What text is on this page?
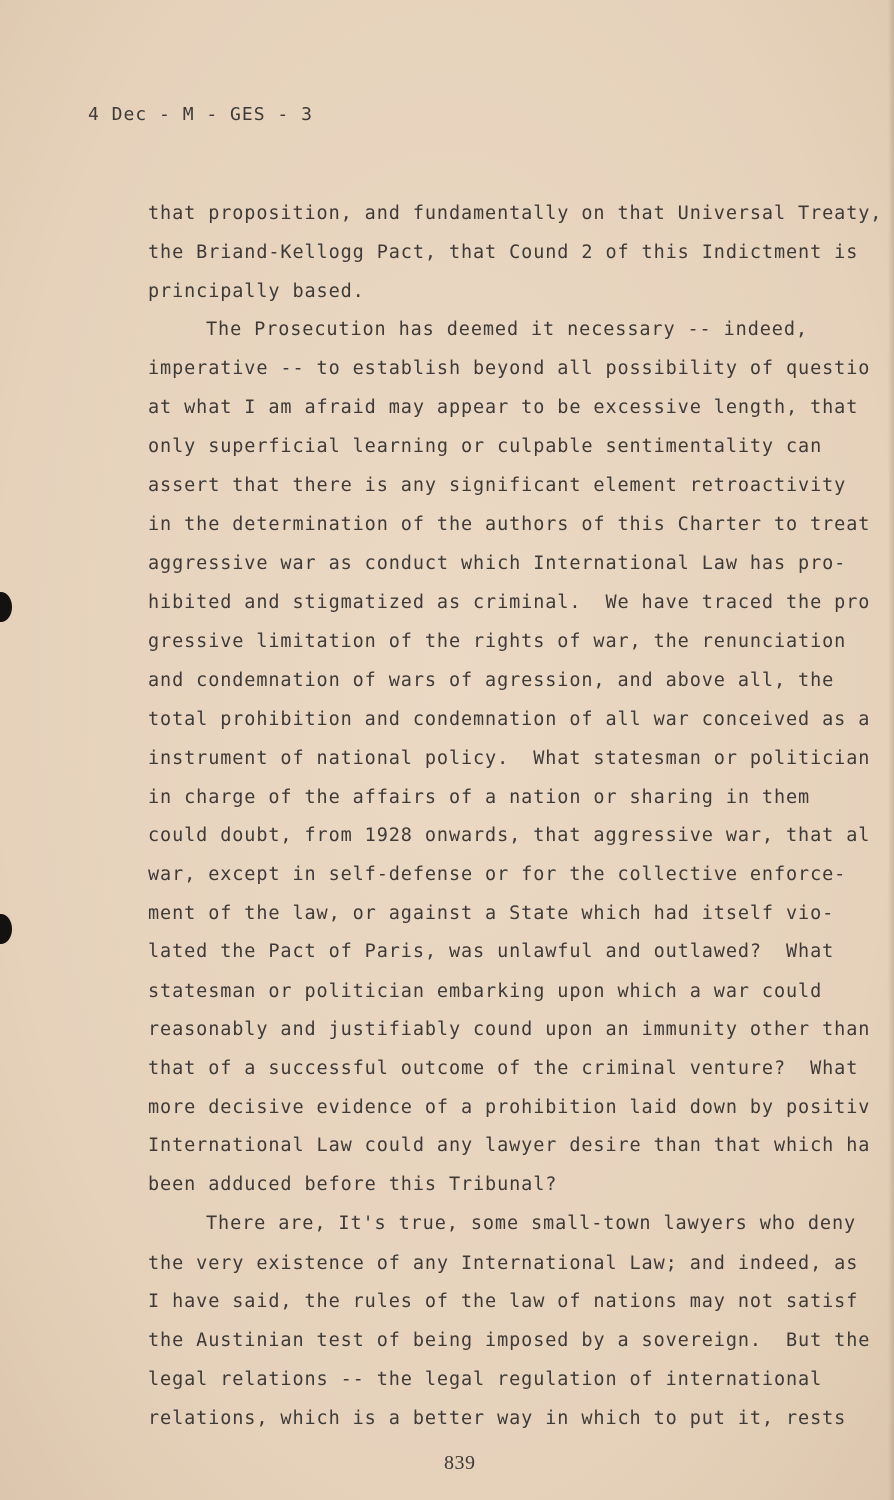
4 Dec - M - GES - 3
that proposition, and fundamentally on that Universal Treaty,
the Briand-Kellogg Pact, that Cound 2 of this Indictment is
principally based.
The Prosecution has deemed it necessary -- indeed,
imperative -- to establish beyond all possibility of questio
at what I am afraid may appear to be excessive length, that
only superficial learning or culpable sentimentality can
assert that there is any significant element retroactivity
in the determination of the authors of this Charter to treat
aggressive war as conduct which International Law has pro-
hibited and stigmatized as criminal.  We have traced the pro
gressive limitation of the rights of war, the renunciation
and condemnation of wars of agression, and above all, the
total prohibition and condemnation of all war conceived as a
instrument of national policy.  What statesman or politician
in charge of the affairs of a nation or sharing in them
could doubt, from 1928 onwards, that aggressive war, that al
war, except in self-defense or for the collective enforce-
ment of the law, or against a State which had itself vio-
lated the Pact of Paris, was unlawful and outlawed?  What
statesman or politician embarking upon which a war could
reasonably and justifiably cound upon an immunity other than
that of a successful outcome of the criminal venture?  What
more decisive evidence of a prohibition laid down by positiv
International Law could any lawyer desire than that which ha
been adduced before this Tribunal?
There are, It's true, some small-town lawyers who deny
the very existence of any International Law; and indeed, as
I have said, the rules of the law of nations may not satisf
the Austinian test of being imposed by a sovereign.  But the
legal relations -- the legal regulation of international
relations, which is a better way in which to put it, rests
839
